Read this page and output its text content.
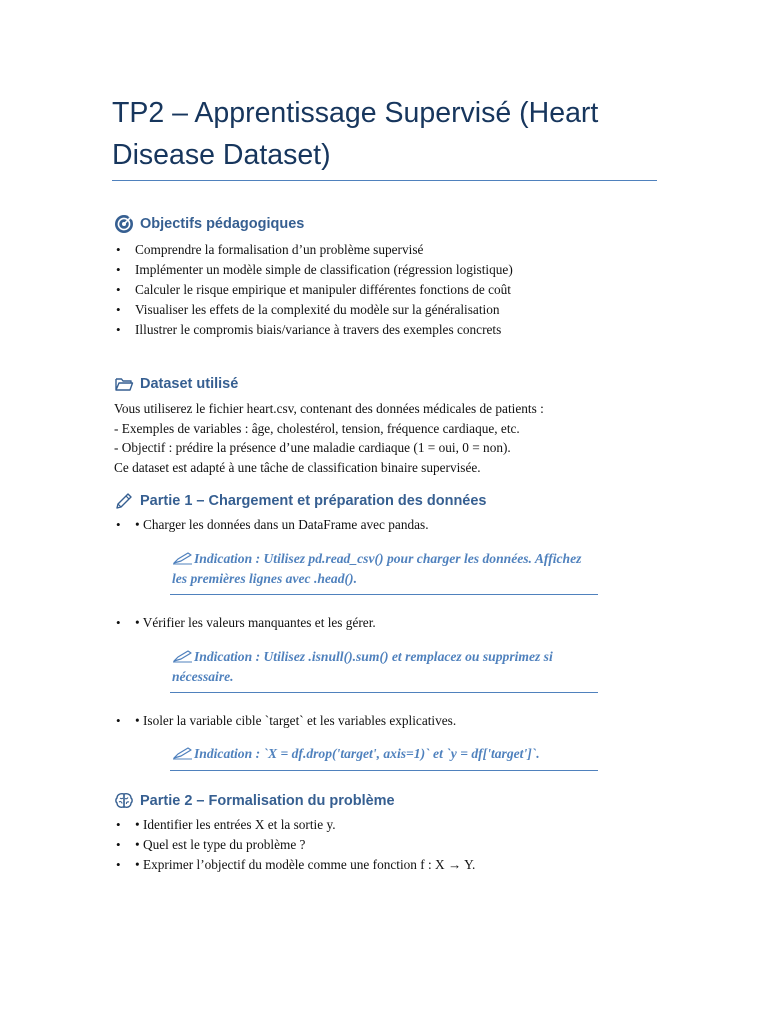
TP2 – Apprentissage Supervisé (Heart Disease Dataset)
Objectifs pédagogiques
• Comprendre la formalisation d’un problème supervisé
• Implémenter un modèle simple de classification (régression logistique)
• Calculer le risque empirique et manipuler différentes fonctions de coût
• Visualiser les effets de la complexité du modèle sur la généralisation
• Illustrer le compromis biais/variance à travers des exemples concrets
Dataset utilisé
Vous utiliserez le fichier heart.csv, contenant des données médicales de patients :
- Exemples de variables : âge, cholestérol, tension, fréquence cardiaque, etc.
- Objectif : prédire la présence d’une maladie cardiaque (1 = oui, 0 = non).
Ce dataset est adapté à une tâche de classification binaire supervisée.
Partie 1 – Chargement et préparation des données
• • Charger les données dans un DataFrame avec pandas.
Indication : Utilisez pd.read_csv() pour charger les données. Affichez les premières lignes avec .head().
• • Vérifier les valeurs manquantes et les gérer.
Indication : Utilisez .isnull().sum() et remplacez ou supprimez si nécessaire.
• • Isoler la variable cible `target` et les variables explicatives.
Indication : `X = df.drop('target', axis=1)` et `y = df['target']`.
Partie 2 – Formalisation du problème
• • Identifier les entrées X et la sortie y.
• • Quel est le type du problème ?
• • Exprimer l’objectif du modèle comme une fonction f : X → Y.
